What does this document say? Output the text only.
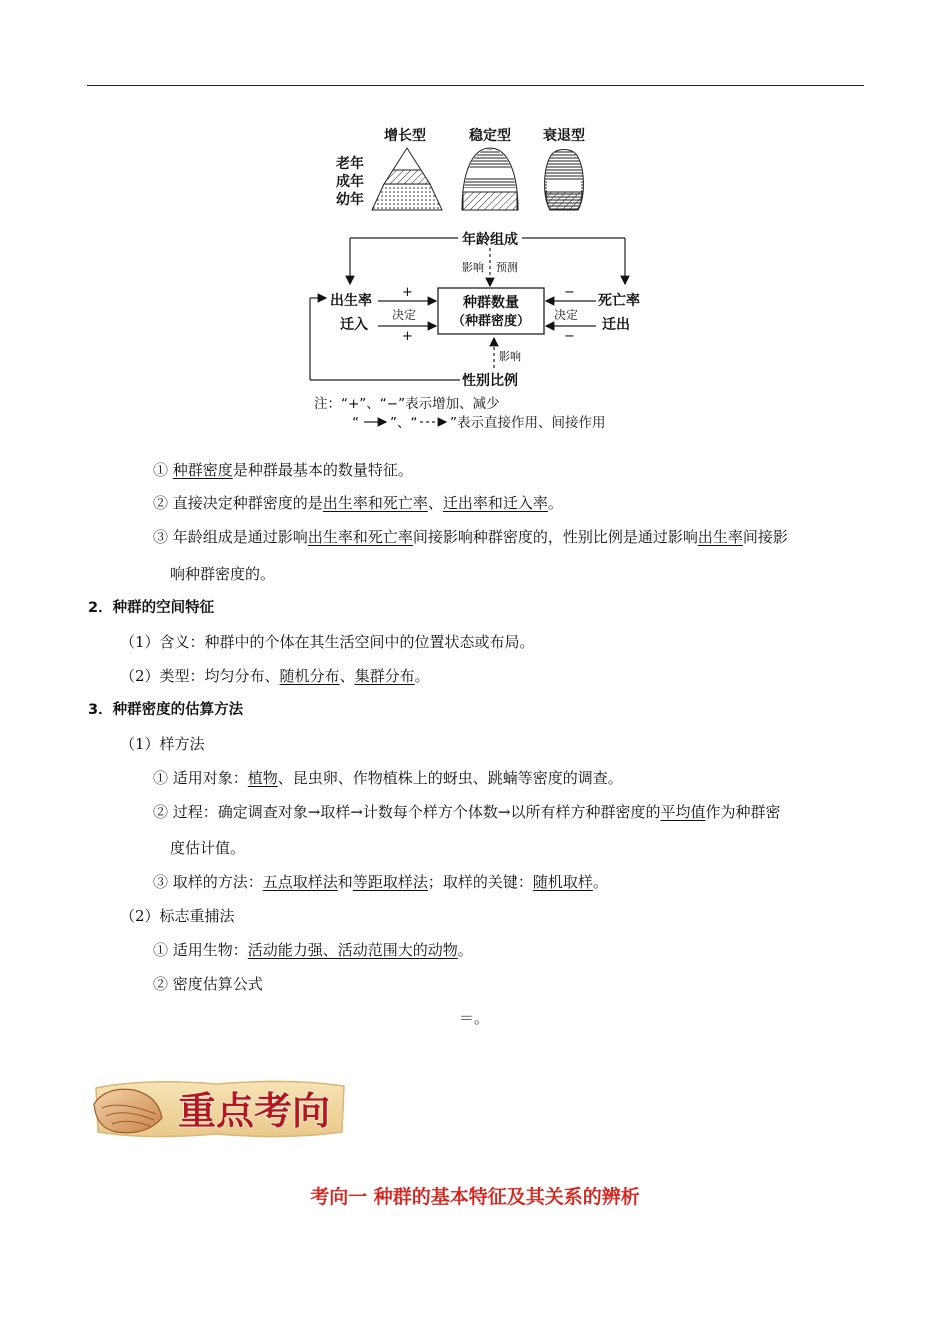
增长型	稳定型 衰退型
老年
成年
幼年
年龄组成
影响 预测
种群数量
（种群密度）
出生率
迁入
+
决定
+
死亡率
迁出
−
决定
−
性别比例
影响
注：“+”、“−”表示增加、减少
“ ”、“ ”表示直接作用、间接作用
① 种群密度是种群最基本的数量特征。
② 直接决定种群密度的是出生率和死亡率、迁出率和迁入率。
③ 年龄组成是通过影响出生率和死亡率间接影响种群密度的，性别比例是通过影响出生率间接影
响种群密度的。
2．种群的空间特征
（1）含义：种群中的个体在其生活空间中的位置状态或布局。
（2）类型：均匀分布、随机分布、集群分布。
3．种群密度的估算方法
（1）样方法
① 适用对象：植物、昆虫卵、作物植株上的蚜虫、跳蝻等密度的调查。
② 过程：确定调查对象→取样→计数每个样方个体数→以所有样方种群密度的平均值作为种群密
度估计值。
③ 取样的方法：五点取样法和等距取样法；取样的关键：随机取样。
（2）标志重捕法
① 适用生物：活动能力强、活动范围大的动物。
② 密度估算公式
＝。
重点考向
考向一 种群的基本特征及其关系的辨析
